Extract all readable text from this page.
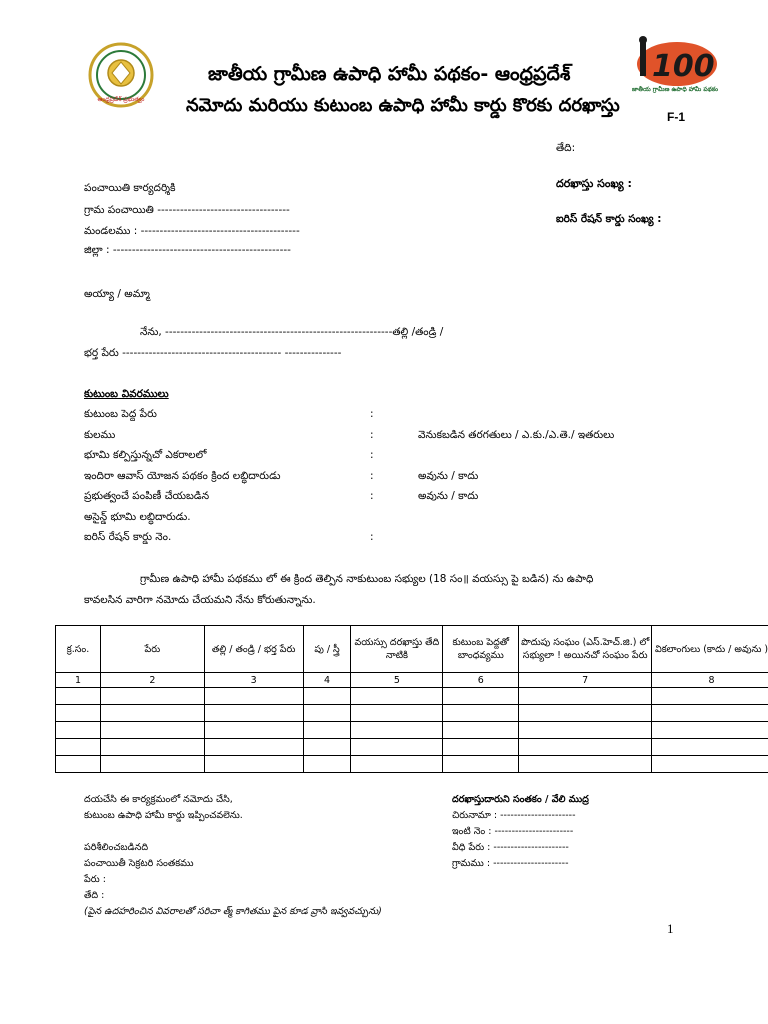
ఆంధ్రప్రదేశ్ ప్రభుత్వం
జాతీయ గ్రామీణ ఉపాధి హామీ పథకం- ఆంధ్రప్రదేశ్
నమోదు మరియు కుటుంబ ఉపాధి హామీ కార్డు కొరకు దరఖాస్తు
100
జాతీయ గ్రామీణ ఉపాధి హామీ పథకం
F-1
తేది:
దరఖాస్తు సంఖ్య :
ఐరిస్ రేషన్ కార్డు సంఖ్య :
పంచాయితి కార్యదర్శికి
గ్రామ పంచాయితి -----------------------------------
మండలము : ------------------------------------------
జిల్లా : -----------------------------------------------
అయ్యా / అమ్మా
నేను, ------------------------------------------------------------తల్లి /తండ్రి /
భర్త పేరు ------------------------------------------ ---------------
కుటుంబ వివరములు
కుటుంబ పెద్ద పేరు	:
కులము	:	వెనుకబడిన తరగతులు / ఎ.కు./ఎ.తె./ ఇతరులు
భూమి కల్పిస్తున్నచో ఎకరాలలో	:
ఇందిరా ఆవాస్ యోజన పథకం క్రింద లబ్ధిదారుడు	:	అవును / కాదు
ప్రభుత్వంచే పంపిణీ చేయబడిన	:	అవును / కాదు
అసైన్డ్ భూమి లబ్ధిదారుడు.
ఐరిస్ రేషన్ కార్డు నెం.	:
గ్రామీణ ఉపాధి హామీ పథకము లో ఈ క్రింద తెల్పిన నాకుటుంబ సభ్యుల (18 సం॥ వయస్సు పై బడిన) ను ఉపాధి
కావలసిన వారిగా నమోదు చేయమని నేను కోరుతున్నాను.
క్ర.సం.	పేరు	తల్లి / తండ్రి / భర్త పేరు	పు / స్త్రీ	వయస్సు దరఖాస్తు తేది నాటికి	కుటుంబ పెద్దతో బాంధవ్యము	పొదుపు సంఘం (ఎస్.హెచ్.జి.) లో సభ్యులా ! అయినచో సంఘం పేరు	వికలాంగులు (కాదు / అవును )
1	2	3	4	5	6	7	8

దయచేసి ఈ కార్యక్రమంలో నమోదు చేసి,
కుటుంబ ఉపాధి హామీ కార్డు ఇప్పించవలెను.
పరిశీలించబడినది
పంచాయితీ సెక్రటరి సంతకము
పేరు :
తేది :
(పైన ఉదహరించిన వివరాలతో సరిచా త్మ్ కాగితము పైన కూడ వ్రాసి ఇవ్వవచ్చును)
దరఖాస్తుదారుని సంతకం / వేలి ముద్ర
చిరునామా : ----------------------
ఇంటి నెం : -----------------------
వీధి పేరు : ----------------------
గ్రామము : ----------------------
1
